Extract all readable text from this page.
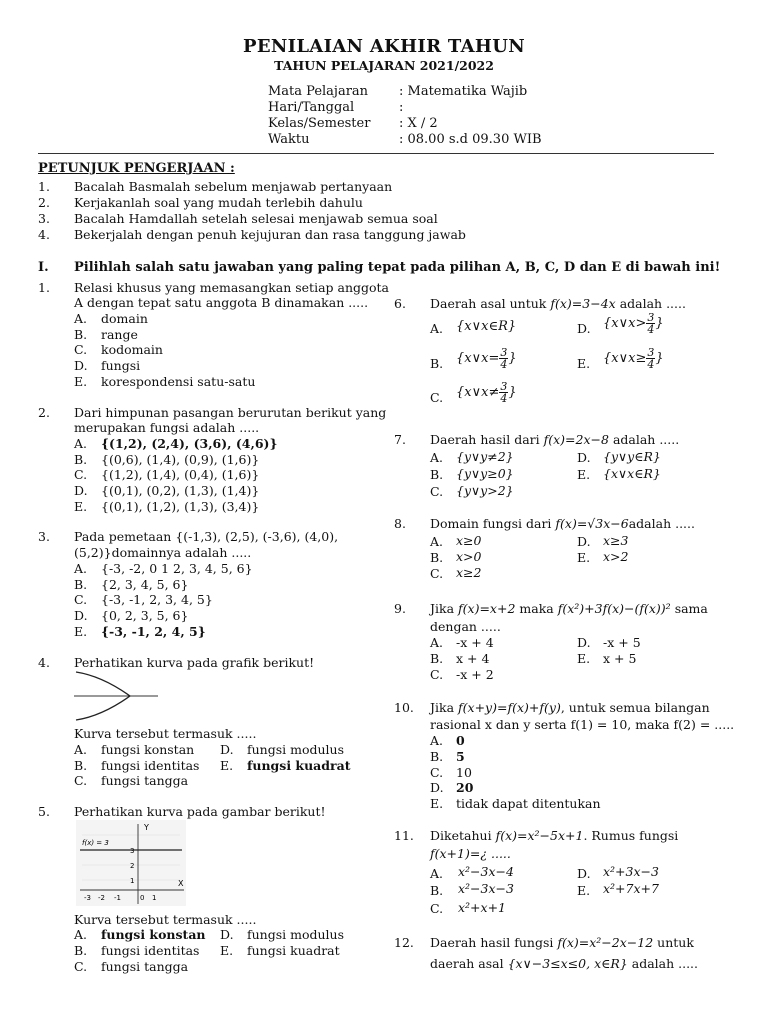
PENILAIAN AKHIR TAHUN
TAHUN PELAJARAN 2021/2022
Mata Pelajaran : Matematika Wajib
Hari/Tanggal	:
Kelas/Semester : X / 2
Waktu	: 08.00 s.d 09.30 WIB
PETUNJUK PENGERJAAN :
1. Bacalah Basmalah sebelum menjawab pertanyaan
2. Kerjakanlah soal yang mudah terlebih dahulu
3. Bacalah Hamdallah setelah selesai menjawab semua soal
4. Bekerjalah dengan penuh kejujuran dan rasa tanggung jawab
I. Pilihlah salah satu jawaban yang paling tepat pada pilihan A, B, C, D dan E di bawah ini!
1. Relasi khusus yang memasangkan setiap anggota
A dengan tepat satu anggota B dinamakan .....
A. domain
B. range
C. kodomain
D. fungsi
E. korespondensi satu-satu
2. Dari himpunan pasangan berurutan berikut yang
merupakan fungsi adalah .....
A. {(1,2), (2,4), (3,6), (4,6)}
B. {(0,6), (1,4), (0,9), (1,6)}
C. {(1,2), (1,4), (0,4), (1,6)}
D. {(0,1), (0,2), (1,3), (1,4)}
E. {(0,1), (1,2), (1,3), (3,4)}
3. Pada pemetaan {(-1,3), (2,5), (-3,6), (4,0),
(5,2)}domainnya adalah .....
A. {-3, -2, 0 1 2, 3, 4, 5, 6}
B. {2, 3, 4, 5, 6}
C. {-3, -1, 2, 3, 4, 5}
D. {0, 2, 3, 5, 6}
E. {-3, -1, 2, 4, 5}
4. Perhatikan kurva pada grafik berikut!
Kurva tersebut termasuk .....
A. fungsi konstan D. fungsi modulus
B. fungsi identitas E. fungsi kuadrat
C. fungsi tangga
5. Perhatikan kurva pada gambar berikut!
Y
X
f(x) = 3
3
2
1
-3 -2 -1	0 1
Kurva tersebut termasuk .....
A. fungsi konstan D. fungsi modulus
B. fungsi identitas E. fungsi kuadrat
C. fungsi tangga
6. Daerah asal untuk f(x)=3−4x adalah .....
A. {x∨x∈R}	D. {x∨x> $\frac{3}{4}$ }
B. {x∨x= $\frac{3}{4}$ }	E. {x∨x≥ $\frac{3}{4}$ }
C. {x∨x≠ $\frac{3}{4}$ }
7. Daerah hasil dari f(x)=2x−8 adalah .....
A. {y∨y≠2}	D. {y∨y∈R}
B. {y∨y≥0}	E. {x∨x∈R}
C. {y∨y>2}
8. Domain fungsi dari f(x)=√3x−6adalah .....
A. x≥0	D. x≥3
B. x>0	E. x>2
C. x≥2
9. Jika f(x)=x+2 maka f(x²)+3f(x)−(f(x))² sama
dengan .....
A. -x + 4	D. -x + 5
B. x + 4	E. x + 5
C. -x + 2
10. Jika f(x+y)=f(x)+f(y), untuk semua bilangan
rasional x dan y serta f(1) = 10, maka f(2) = .....
A. 0
B. 5
C. 10
D. 20
E. tidak dapat ditentukan
11. Diketahui f(x)=x²−5x+1. Rumus fungsi
f(x+1)=¿ .....
A. x²−3x−4	D. x²+3x−3
B. x²−3x−3	E. x²+7x+7
C. x²+x+1
12. Daerah hasil fungsi f(x)=x²−2x−12 untuk
daerah asal {x∨−3≤x≤0, x∈R} adalah .....
